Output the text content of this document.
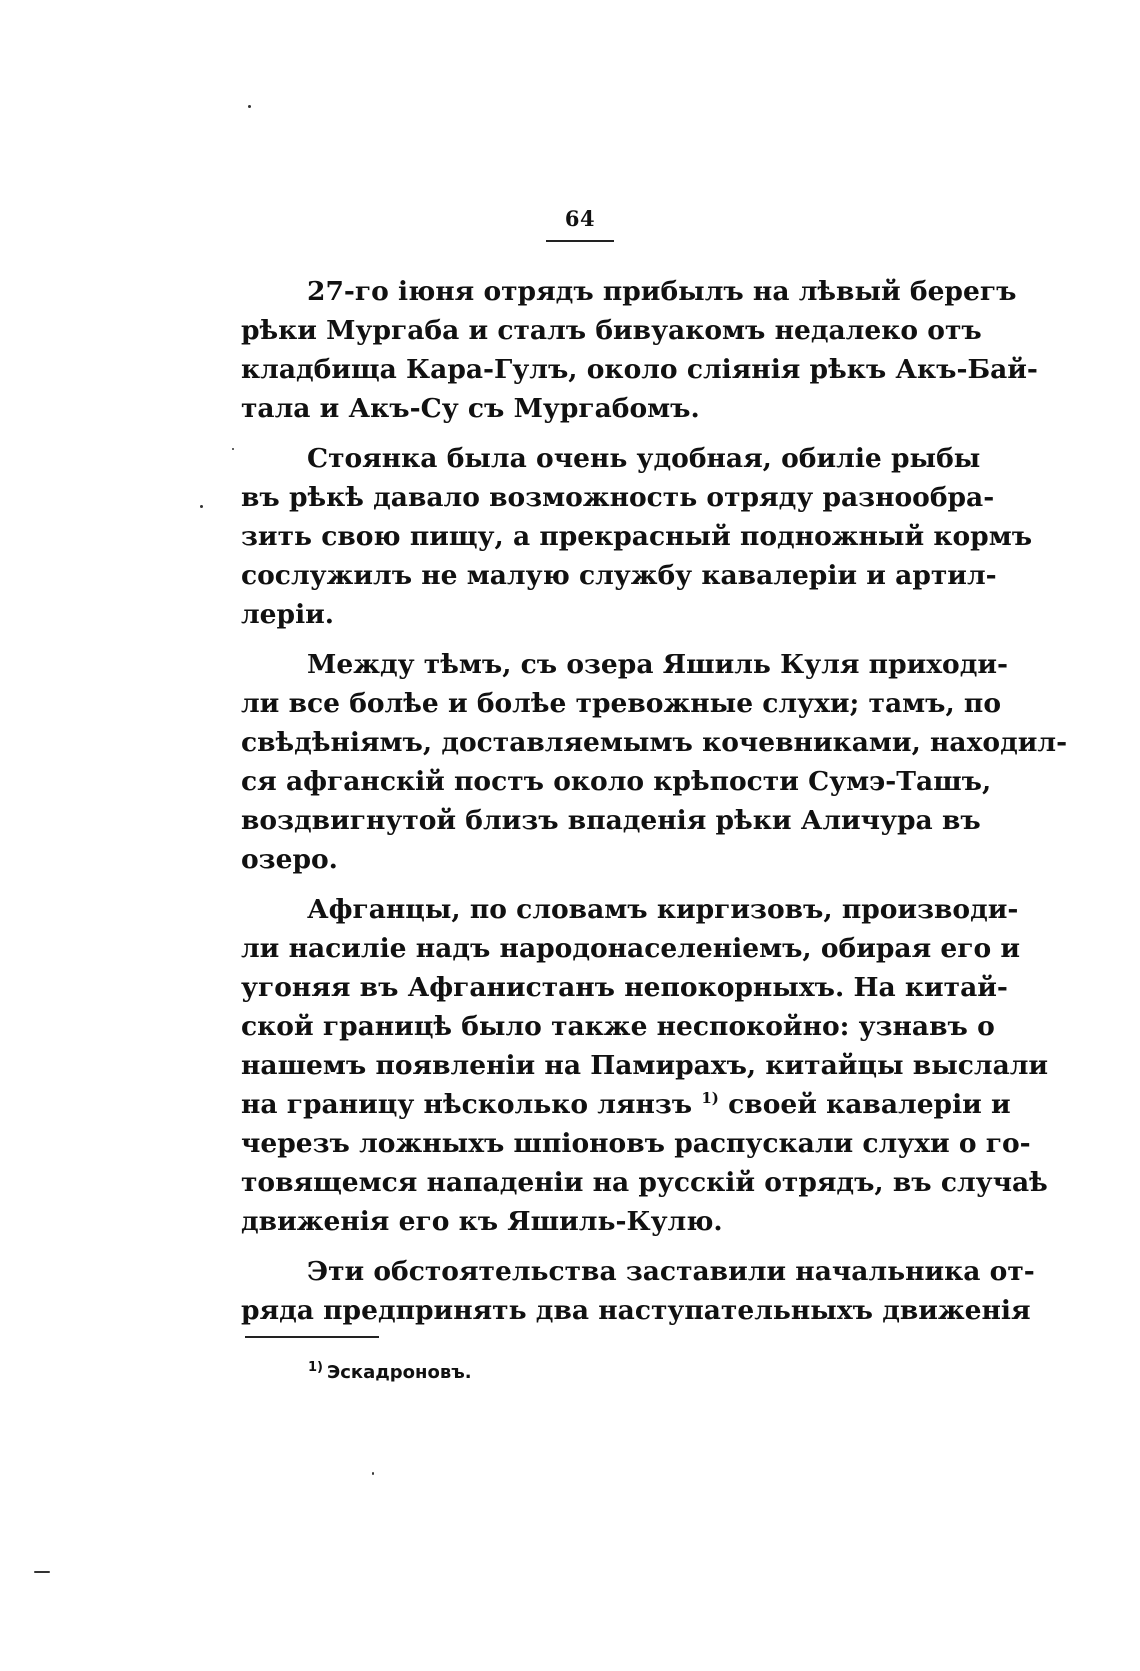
64
27-го іюня отрядъ прибылъ на лѣвый берегъ
рѣки Мургаба и сталъ бивуакомъ недалеко отъ
кладбища Кара-Гулъ, около сліянія рѣкъ Акъ-Бай-
тала и Акъ-Су съ Мургабомъ.
Стоянка была очень удобная, обиліе рыбы
въ рѣкѣ давало возможность отряду разнообра-
зить свою пищу, а прекрасный подножный кормъ
сослужилъ не малую службу кавалеріи и артил-
леріи.
Между тѣмъ, съ озера Яшиль Куля приходи-
ли все болѣе и болѣе тревожные слухи; тамъ, по
свѣдѣніямъ, доставляемымъ кочевниками, находил-
ся афганскій постъ около крѣпости Сумэ-Ташъ,
воздвигнутой близъ впаденія рѣки Аличура въ
озеро.
Афганцы, по словамъ киргизовъ, производи-
ли насиліе надъ народонаселеніемъ, обирая его и
угоняя въ Афганистанъ непокорныхъ. На китай-
ской границѣ было также неспокойно: узнавъ о
нашемъ появленіи на Памирахъ, китайцы выслали
на границу нѣсколько лянзъ $^{1)}$ своей кавалеріи и
черезъ ложныхъ шпіоновъ распускали слухи о го-
товящемся нападеніи на русскій отрядъ, въ случаѣ
движенія его къ Яшиль-Кулю.
Эти обстоятельства заставили начальника от-
ряда предпринять два наступательныхъ движенія
$^{1)}$ Эскадроновъ.
